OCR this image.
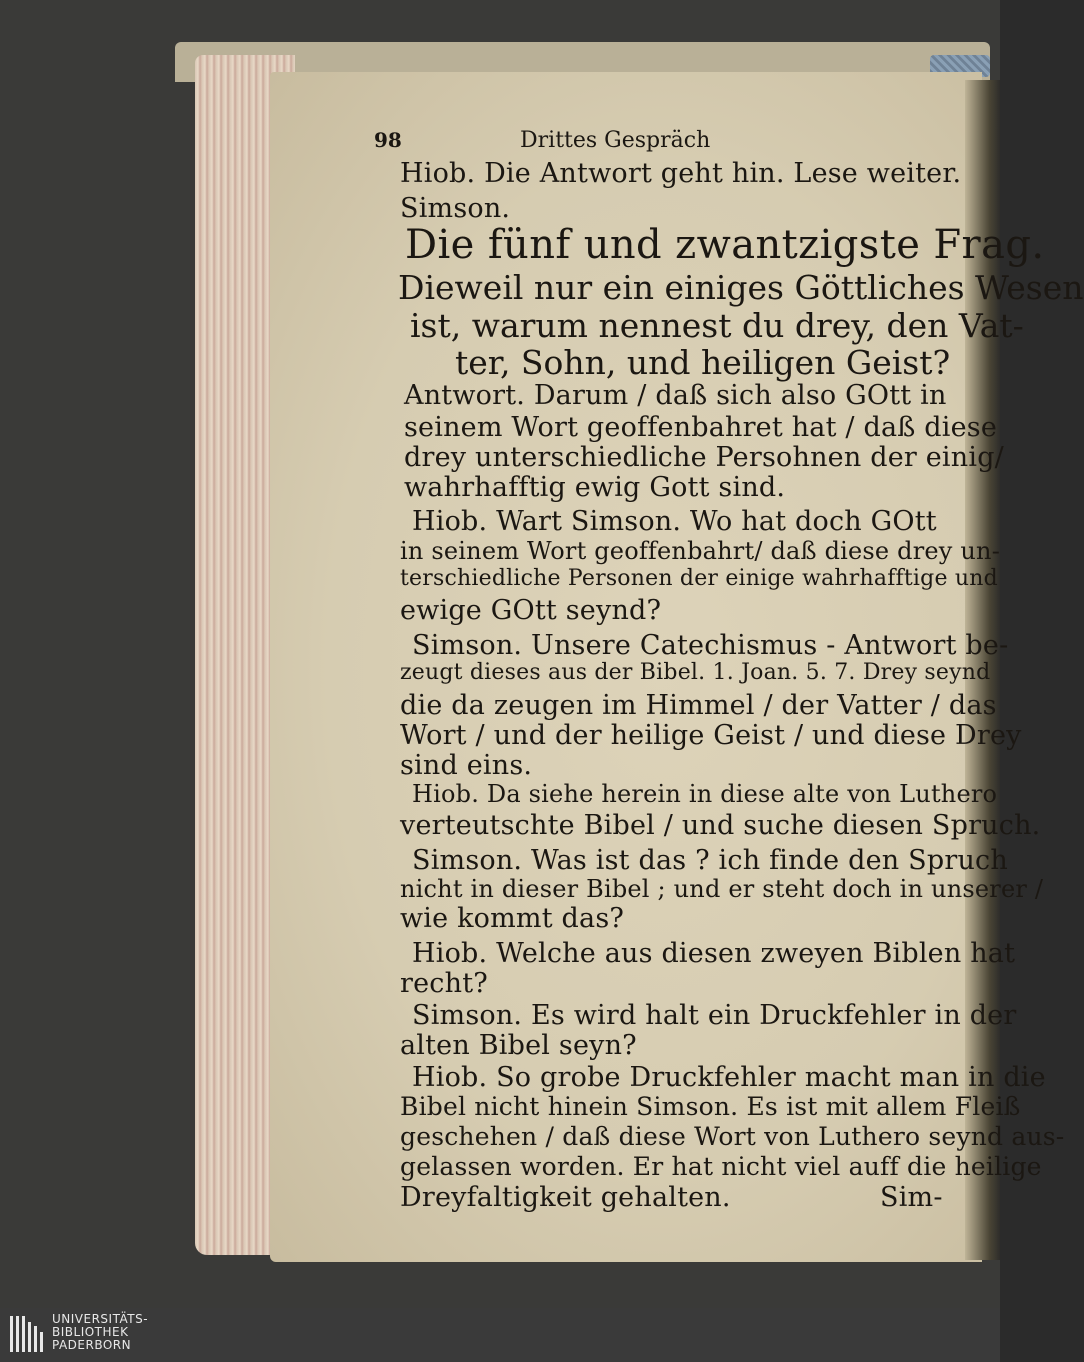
98	Drittes Gespräch
Hiob. Die Antwort geht hin. Lese weiter.
Simson.
Die fünf und zwantzigste Frag.
Dieweil nur ein einiges Göttliches Wesen
ist, warum nennest du drey, den Vat-
ter, Sohn, und heiligen Geist?
Antwort. Darum / daß sich also GOtt in
seinem Wort geoffenbahret hat / daß diese
drey unterschiedliche Persohnen der einig/
wahrhafftig ewig Gott sind.
Hiob. Wart Simson. Wo hat doch GOtt
in seinem Wort geoffenbahrt/ daß diese drey un-
terschiedliche Personen der einige wahrhafftige und
ewige GOtt seynd?
Simson. Unsere Catechismus - Antwort be-
zeugt dieses aus der Bibel. 1. Joan. 5. 7. Drey seynd
die da zeugen im Himmel / der Vatter / das
Wort / und der heilige Geist / und diese Drey
sind eins.
Hiob. Da siehe herein in diese alte von Luthero
verteutschte Bibel / und suche diesen Spruch.
Simson. Was ist das ? ich finde den Spruch
nicht in dieser Bibel ; und er steht doch in unserer /
wie kommt das?
Hiob. Welche aus diesen zweyen Biblen hat
recht?
Simson. Es wird halt ein Druckfehler in der
alten Bibel seyn?
Hiob. So grobe Druckfehler macht man in die
Bibel nicht hinein Simson. Es ist mit allem Fleiß
geschehen / daß diese Wort von Luthero seynd aus-
gelassen worden. Er hat nicht viel auff die heilige
Dreyfaltigkeit gehalten.	Sim-
UNIVERSITÄTS-
BIBLIOTHEK
PADERBORN
